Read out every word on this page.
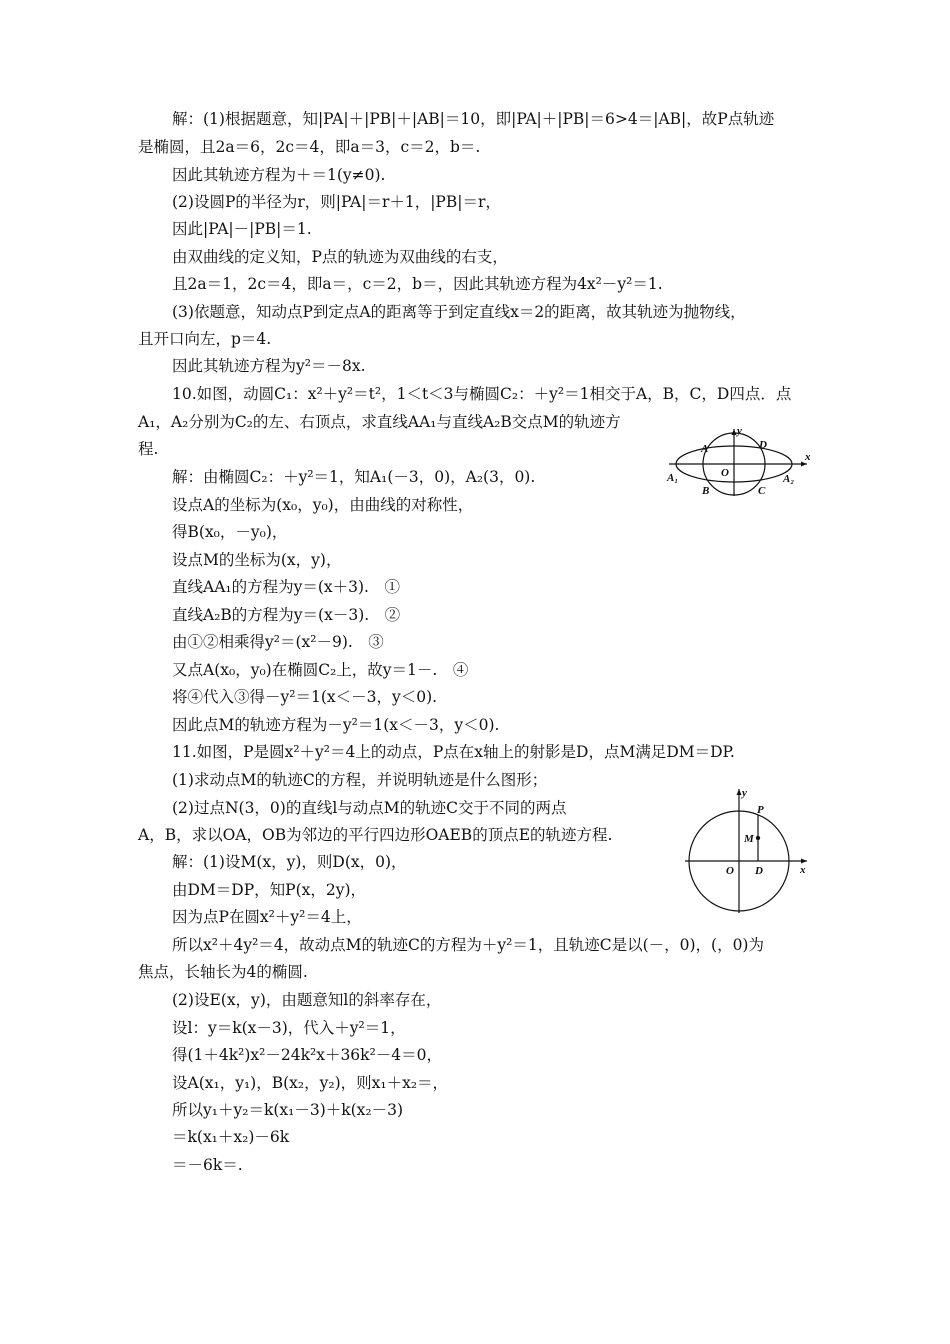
解：(1)根据题意，知|PA|＋|PB|＋|AB|＝10，即|PA|＋|PB|＝6>4＝|AB|，故P点轨迹
是椭圆，且2a＝6，2c＝4，即a＝3，c＝2，b＝.
因此其轨迹方程为＋＝1(y≠0).
(2)设圆P的半径为r，则|PA|＝r＋1，|PB|＝r，
因此|PA|－|PB|＝1.
由双曲线的定义知，P点的轨迹为双曲线的右支，
且2a＝1，2c＝4，即a＝，c＝2，b＝，因此其轨迹方程为4x²－y²＝1.
(3)依题意，知动点P到定点A的距离等于到定直线x＝2的距离，故其轨迹为抛物线，
且开口向左，p＝4.
因此其轨迹方程为y²＝－8x.
10.如图，动圆C₁：x²＋y²＝t²，1＜t＜3与椭圆C₂：＋y²＝1相交于A，B，C，D四点．点
A₁，A₂分别为C₂的左、右顶点，求直线AA₁与直线A₂B交点M的轨迹方
程.
解：由椭圆C₂：＋y²＝1，知A₁(－3，0)，A₂(3，0).
设点A的坐标为(x₀，y₀)，由曲线的对称性，
得B(x₀，－y₀)，
设点M的坐标为(x，y)，
直线AA₁的方程为y＝(x＋3).　①
直线A₂B的方程为y＝(x－3).　②
由①②相乘得y²＝(x²－9).　③
又点A(x₀，y₀)在椭圆C₂上，故y＝1－.　④
将④代入③得－y²＝1(x＜－3，y＜0).
因此点M的轨迹方程为－y²＝1(x＜－3，y＜0).
11.如图，P是圆x²＋y²＝4上的动点，P点在x轴上的射影是D，点M满足DM＝DP.
(1)求动点M的轨迹C的方程，并说明轨迹是什么图形；
(2)过点N(3，0)的直线l与动点M的轨迹C交于不同的两点
A，B，求以OA，OB为邻边的平行四边形OAEB的顶点E的轨迹方程.
解：(1)设M(x，y)，则D(x，0)，
由DM＝DP，知P(x，2y)，
因为点P在圆x²＋y²＝4上，
所以x²＋4y²＝4，故动点M的轨迹C的方程为＋y²＝1，且轨迹C是以(－，0)，(，0)为
焦点，长轴长为4的椭圆.
(2)设E(x，y)，由题意知l的斜率存在，
设l：y＝k(x－3)，代入＋y²＝1，
得(1＋4k²)x²－24k²x＋36k²－4＝0，
设A(x₁，y₁)，B(x₂，y₂)，则x₁＋x₂＝，
所以y₁＋y₂＝k(x₁－3)＋k(x₂－3)
＝k(x₁＋x₂)－6k
＝－6k＝.
y
x
A	D
O
A₁
B	C
A₂
y
P
M
O D	x
